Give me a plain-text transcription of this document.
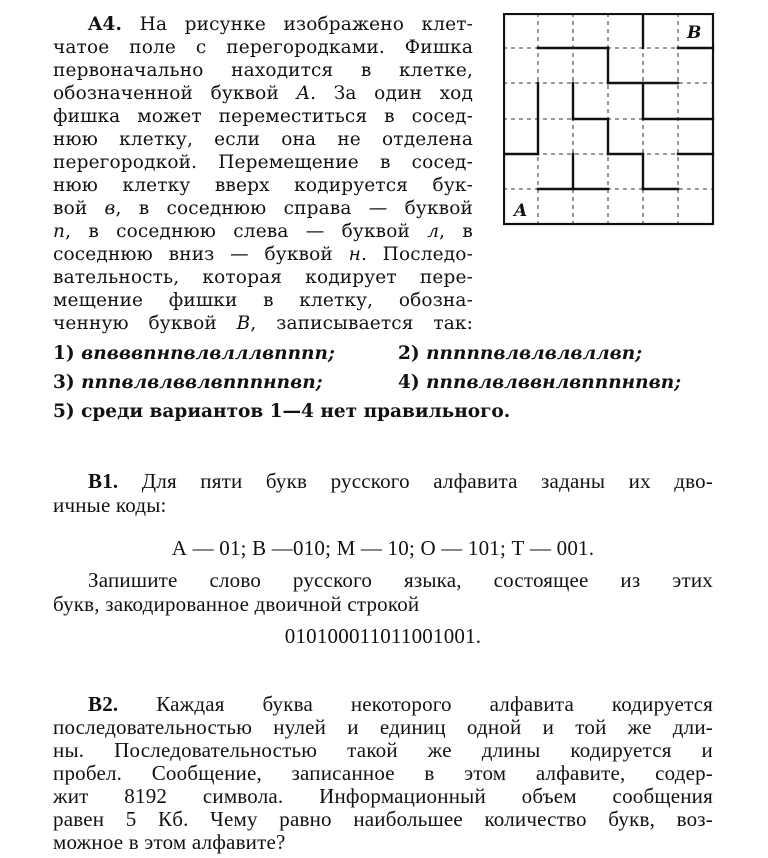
A4. На рисунке изображено клет-
чатое поле с перегородками. Фишка
первоначально находится в клетке,
обозначенной буквой A. За один ход
фишка может переместиться в сосед-
нюю клетку, если она не отделена
перегородкой. Перемещение в сосед-
нюю клетку вверх кодируется бук-
вой в, в соседнюю справа — буквой
п, в соседнюю слева — буквой л, в
соседнюю вниз — буквой н. Последо-
вательность, которая кодирует пере-
мещение фишки в клетку, обозна-
ченную буквой B, записывается так:
B
A
1) впвввпнпвлвлллвпппп;	2) пппппвлвлвлвллвп;
3) пппвлвлввлвпппнпвп;	4) пппвлвлввнлвпппнпвп;
5) среди вариантов 1—4 нет правильного.
B1. Для пяти букв русского алфавита заданы их дво-
ичные коды:
А — 01; В —010; М — 10; О — 101; Т — 001.
Запишите слово русского языка, состоящее из этих
букв, закодированное двоичной строкой
010100011011001001.
B2. Каждая буква некоторого алфавита кодируется
последовательностью нулей и единиц одной и той же дли-
ны. Последовательностью такой же длины кодируется и
пробел. Сообщение, записанное в этом алфавите, содер-
жит 8192 символа. Информационный объем сообщения
равен 5 Кб. Чему равно наибольшее количество букв, воз-
можное в этом алфавите?
